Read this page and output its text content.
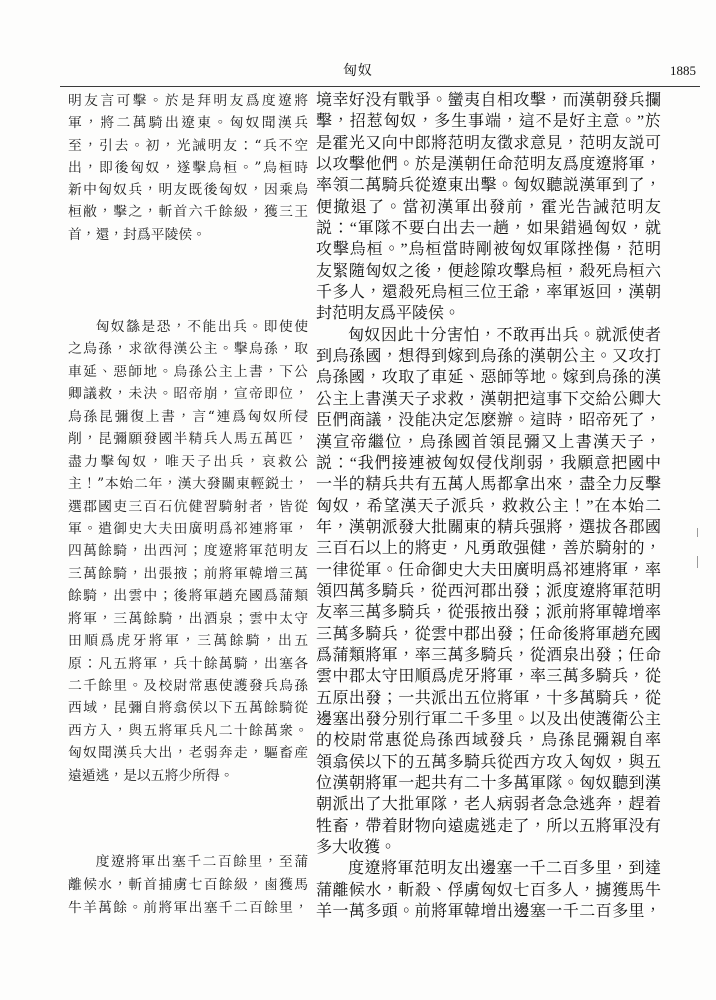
匈奴	1885
明友言可擊。於是拜明友爲度遼將
軍，將二萬騎出遼東。匈奴聞漢兵
至，引去。初，光誡明友：“兵不空
出，即後匈奴，遂擊烏桓。”烏桓時
新中匈奴兵，明友既後匈奴，因乘烏
桓敝，擊之，斬首六千餘級，獲三王
首，還，封爲平陵侯。
匈奴繇是恐，不能出兵。即使使
之烏孫，求欲得漢公主。擊烏孫，取
車延、惡師地。烏孫公主上書，下公
卿議救，未決。昭帝崩，宣帝即位，
烏孫昆彌復上書，言“連爲匈奴所侵
削，昆彌願發國半精兵人馬五萬匹，
盡力擊匈奴，唯天子出兵，哀救公
主！”本始二年，漢大發關東輕鋭士，
選郡國吏三百石伉健習騎射者，皆從
軍。遣御史大夫田廣明爲祁連將軍，
四萬餘騎，出西河；度遼將軍范明友
三萬餘騎，出張掖；前將軍韓增三萬
餘騎，出雲中；後將軍趙充國爲蒲類
將軍，三萬餘騎，出酒泉；雲中太守
田順爲虎牙將軍，三萬餘騎，出五
原：凡五將軍，兵十餘萬騎，出塞各
二千餘里。及校尉常惠使護發兵烏孫
西域，昆彌自將翕侯以下五萬餘騎從
西方入，與五將軍兵凡二十餘萬衆。
匈奴聞漢兵大出，老弱奔走，驅畜産
遠遁逃，是以五將少所得。
度遼將軍出塞千二百餘里，至蒲
離候水，斬首捕虜七百餘級，鹵獲馬
牛羊萬餘。前將軍出塞千二百餘里，
境幸好没有戰爭。蠻夷自相攻擊，而漢朝發兵攔
擊，招惹匈奴，多生事端，這不是好主意。”於
是霍光又向中郎將范明友徵求意見，范明友説可
以攻擊他們。於是漢朝任命范明友爲度遼將軍，
率領二萬騎兵從遼東出擊。匈奴聽説漢軍到了，
便撤退了。當初漢軍出發前，霍光告誡范明友
説：“軍隊不要白出去一趟，如果錯過匈奴，就
攻擊烏桓。”烏桓當時剛被匈奴軍隊挫傷，范明
友緊隨匈奴之後，便趁隙攻擊烏桓，殺死烏桓六
千多人，還殺死烏桓三位王爺，率軍返回，漢朝
封范明友爲平陵侯。
匈奴因此十分害怕，不敢再出兵。就派使者
到烏孫國，想得到嫁到烏孫的漢朝公主。又攻打
烏孫國，攻取了車延、惡師等地。嫁到烏孫的漢
公主上書漢天子求救，漢朝把這事下交給公卿大
臣們商議，没能决定怎麽辦。這時，昭帝死了，
漢宣帝繼位，烏孫國首領昆彌又上書漢天子，
説：“我們接連被匈奴侵伐削弱，我願意把國中
一半的精兵共有五萬人馬都拿出來，盡全力反擊
匈奴，希望漢天子派兵，救救公主！”在本始二
年，漢朝派發大批關東的精兵强將，選拔各郡國
三百石以上的將吏，凡勇敢强健，善於騎射的，
一律從軍。任命御史大夫田廣明爲祁連將軍，率
領四萬多騎兵，從西河郡出發；派度遼將軍范明
友率三萬多騎兵，從張掖出發；派前將軍韓增率
三萬多騎兵，從雲中郡出發；任命後將軍趙充國
爲蒲類將軍，率三萬多騎兵，從酒泉出發；任命
雲中郡太守田順爲虎牙將軍，率三萬多騎兵，從
五原出發；一共派出五位將軍，十多萬騎兵，從
邊塞出發分别行軍二千多里。以及出使護衛公主
的校尉常惠從烏孫西域發兵，烏孫昆彌親自率
領翕侯以下的五萬多騎兵從西方攻入匈奴，與五
位漢朝將軍一起共有二十多萬軍隊。匈奴聽到漢
朝派出了大批軍隊，老人病弱者急急逃奔，趕着
牲畜，帶着財物向遠處逃走了，所以五將軍没有
多大收獲。
度遼將軍范明友出邊塞一千二百多里，到達
蒲離候水，斬殺、俘虜匈奴七百多人，擄獲馬牛
羊一萬多頭。前將軍韓增出邊塞一千二百多里，
